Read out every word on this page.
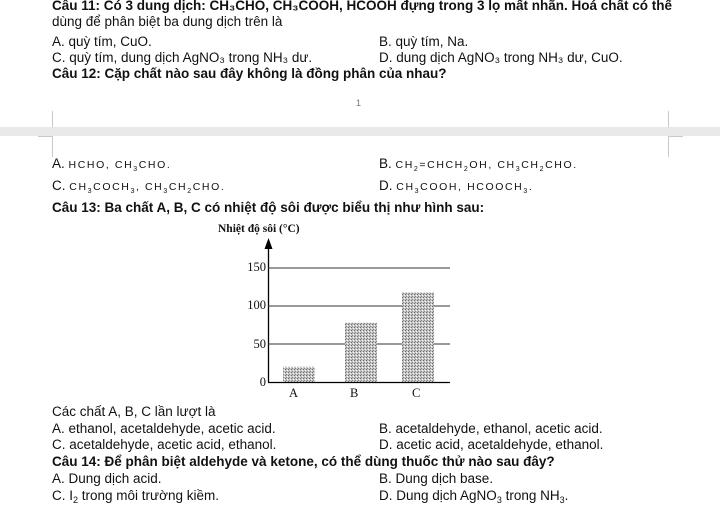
Câu 11: Có 3 dung dịch: CH₃CHO, CH₃COOH, HCOOH đựng trong 3 lọ mất nhãn. Hoá chất có thể
dùng để phân biệt ba dung dịch trên là
A. quỳ tím, CuO.	B. quỳ tím, Na.
C. quỳ tím, dung dịch AgNO₃ trong NH₃ dư.	D. dung dịch AgNO₃ trong NH₃ dư, CuO.
Câu 12: Cặp chất nào sau đây không là đồng phân của nhau?
1
A. HCHO, $CH_3CHO$.	B. $CH_2=CHCH_2OH$, $CH_3CH_2CHO$.
C. $CH_3COCH_3$, $CH_3CH_2CHO$.	D. $CH_3COOH$, $HCOOCH_3$.
Câu 13: Ba chất A, B, C có nhiệt độ sôi được biểu thị như hình sau:
Nhiệt độ sôi (°C)
150
100
50
0
A	B	C
Các chất A, B, C lần lượt là
A. ethanol, acetaldehyde, acetic acid.	B. acetaldehyde, ethanol, acetic acid.
C. acetaldehyde, acetic acid, ethanol.	D. acetic acid, acetaldehyde, ethanol.
Câu 14: Để phân biệt aldehyde và ketone, có thể dùng thuốc thử nào sau đây?
A. Dung dịch acid.	B. Dung dịch base.
C. $I_2$ trong môi trường kiềm.	D. Dung dịch AgNO$_3$ trong $NH_3$.
